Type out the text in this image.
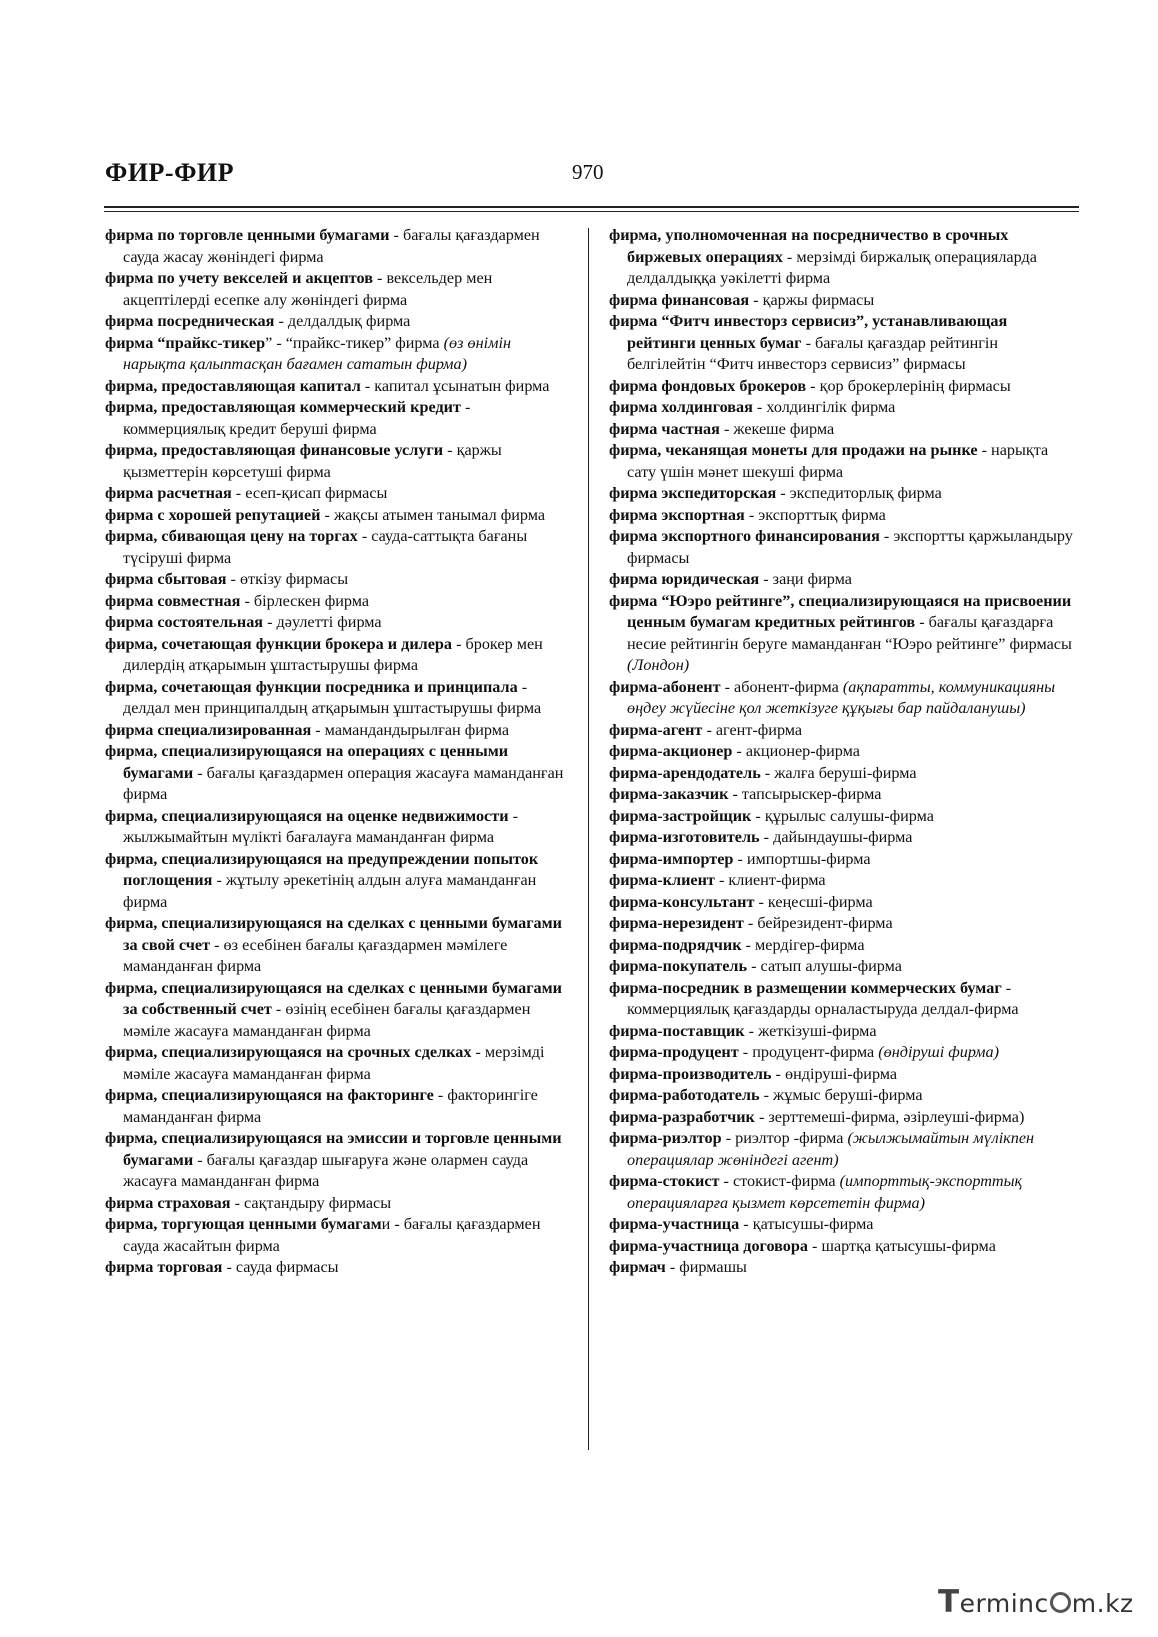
ФИР-ФИР	970

фирма по торговле ценными бумагами - бағалы қағаздармен сауда жасау жөніндегі фирма

фирма по учету векселей и акцептов - вексельдер мен акцептілерді есепке алу жөніндегі фирма

фирма посредническая - делдалдық фирма

фирма “прайкс-тикер” - “прайкс-тикер” фирма (өз өнімін нарықта қалыптасқан бағамен сататын фирма)

фирма, предоставляющая капитал - капитал ұсынатын фирма

фирма, предоставляющая коммерческий кредит - коммерциялық кредит беруші фирма

фирма, предоставляющая финансовые услуги - қаржы қызметтерін көрсетуші фирма

фирма расчетная - есеп-қисап фирмасы

фирма с хорошей репутацией - жақсы атымен танымал фирма

фирма, сбивающая цену на торгах - сауда-саттықта бағаны түсіруші фирма

фирма сбытовая - өткізу фирмасы

фирма совместная - бірлескен фирма

фирма состоятельная - дәулетті фирма

фирма, сочетающая функции брокера и дилера - брокер мен дилердің атқарымын ұштастырушы фирма

фирма, сочетающая функции посредника и принципала - делдал мен принципалдың атқарымын ұштастырушы фирма

фирма специализированная - мамандандырылған фирма

фирма, специализирующаяся на операциях с ценными бумагами - бағалы қағаздармен операция жасауға маманданған фирма

фирма, специализирующаяся на оценке недвижимости - жылжымайтын мүлікті бағалауға маманданған фирма

фирма, специализирующаяся на предупреждении попыток поглощения - жұтылу әрекетінің алдын алуға маманданған фирма

фирма, специализирующаяся на сделках с ценными бумагами за свой счет - өз есебінен бағалы қағаздармен мәмілеге маманданған фирма

фирма, специализирующаяся на сделках с ценными бумагами за собственный счет - өзінің есебінен бағалы қағаздармен мәміле жасауға маманданған фирма

фирма, специализирующаяся на срочных сделках - мерзімді мәміле жасауға маманданған фирма

фирма, специализирующаяся на факторинге - факторингіге маманданған фирма

фирма, специализирующаяся на эмиссии и торговле ценными бумагами - бағалы қағаздар шығаруға және олармен сауда жасауға маманданған фирма

фирма страховая - сақтандыру фирмасы

фирма, торгующая ценными бумагами - бағалы қағаздармен сауда жасайтын фирма

фирма торговая - сауда фирмасы

фирма, уполномоченная на посредничество в срочных биржевых операциях - мерзімді биржалық операцияларда делдалдыққа уәкілетті фирма

фирма финансовая - қаржы фирмасы

фирма “Фитч инвесторз сервисиз”, устанавливающая рейтинги ценных бумаг - бағалы қағаздар рейтингін белгілейтін “Фитч инвесторз сервисиз” фирмасы

фирма фондовых брокеров - қор брокерлерінің фирмасы

фирма холдинговая - холдингілік фирма

фирма частная - жекеше фирма

фирма, чеканящая монеты для продажи на рынке - нарықта сату үшін мәнет шекуші фирма

фирма экспедиторская - экспедиторлық фирма

фирма экспортная - экспорттық фирма

фирма экспортного финансирования - экспортты қаржыландыру фирмасы

фирма юридическая - заңи фирма

фирма “Юэро рейтинге”, специализирующаяся на присвоении ценным бумагам кредитных рейтингов - бағалы қағаздарға несие рейтингін беруге маманданған “Юэро рейтинге” фирмасы (Лондон)

фирма-абонент - абонент-фирма (ақпаратты, коммуникацияны өңдеу жүйесіне қол жеткізуге құқығы бар пайдаланушы)

фирма-агент - агент-фирма

фирма-акционер - акционер-фирма

фирма-арендодатель - жалға беруші-фирма

фирма-заказчик - тапсырыскер-фирма

фирма-застройщик - құрылыс салушы-фирма

фирма-изготовитель - дайындаушы-фирма

фирма-импортер - импортшы-фирма

фирма-клиент - клиент-фирма

фирма-консультант - кеңесші-фирма

фирма-нерезидент - бейрезидент-фирма

фирма-подрядчик - мердігер-фирма

фирма-покупатель - сатып алушы-фирма

фирма-посредник в размещении коммерческих бумаг - коммерциялық қағаздарды орналастыруда делдал-фирма

фирма-поставщик - жеткізуші-фирма

фирма-продуцент - продуцент-фирма (өндіруші фирма)

фирма-производитель - өндіруші-фирма

фирма-работодатель - жұмыс беруші-фирма

фирма-разработчик - зерттемеші-фирма, әзірлеуші-фирма)

фирма-риэлтор - риэлтор -фирма (жылжымайтын мүлікпен операциялар жөніндегі агент)

фирма-стокист - стокист-фирма (импорттық-экспорттық операцияларға қызмет көрсететін фирма)

фирма-участница - қатысушы-фирма

фирма-участница договора - шартқа қатысушы-фирма

фирмач - фирмашы

Terminc m.kz
